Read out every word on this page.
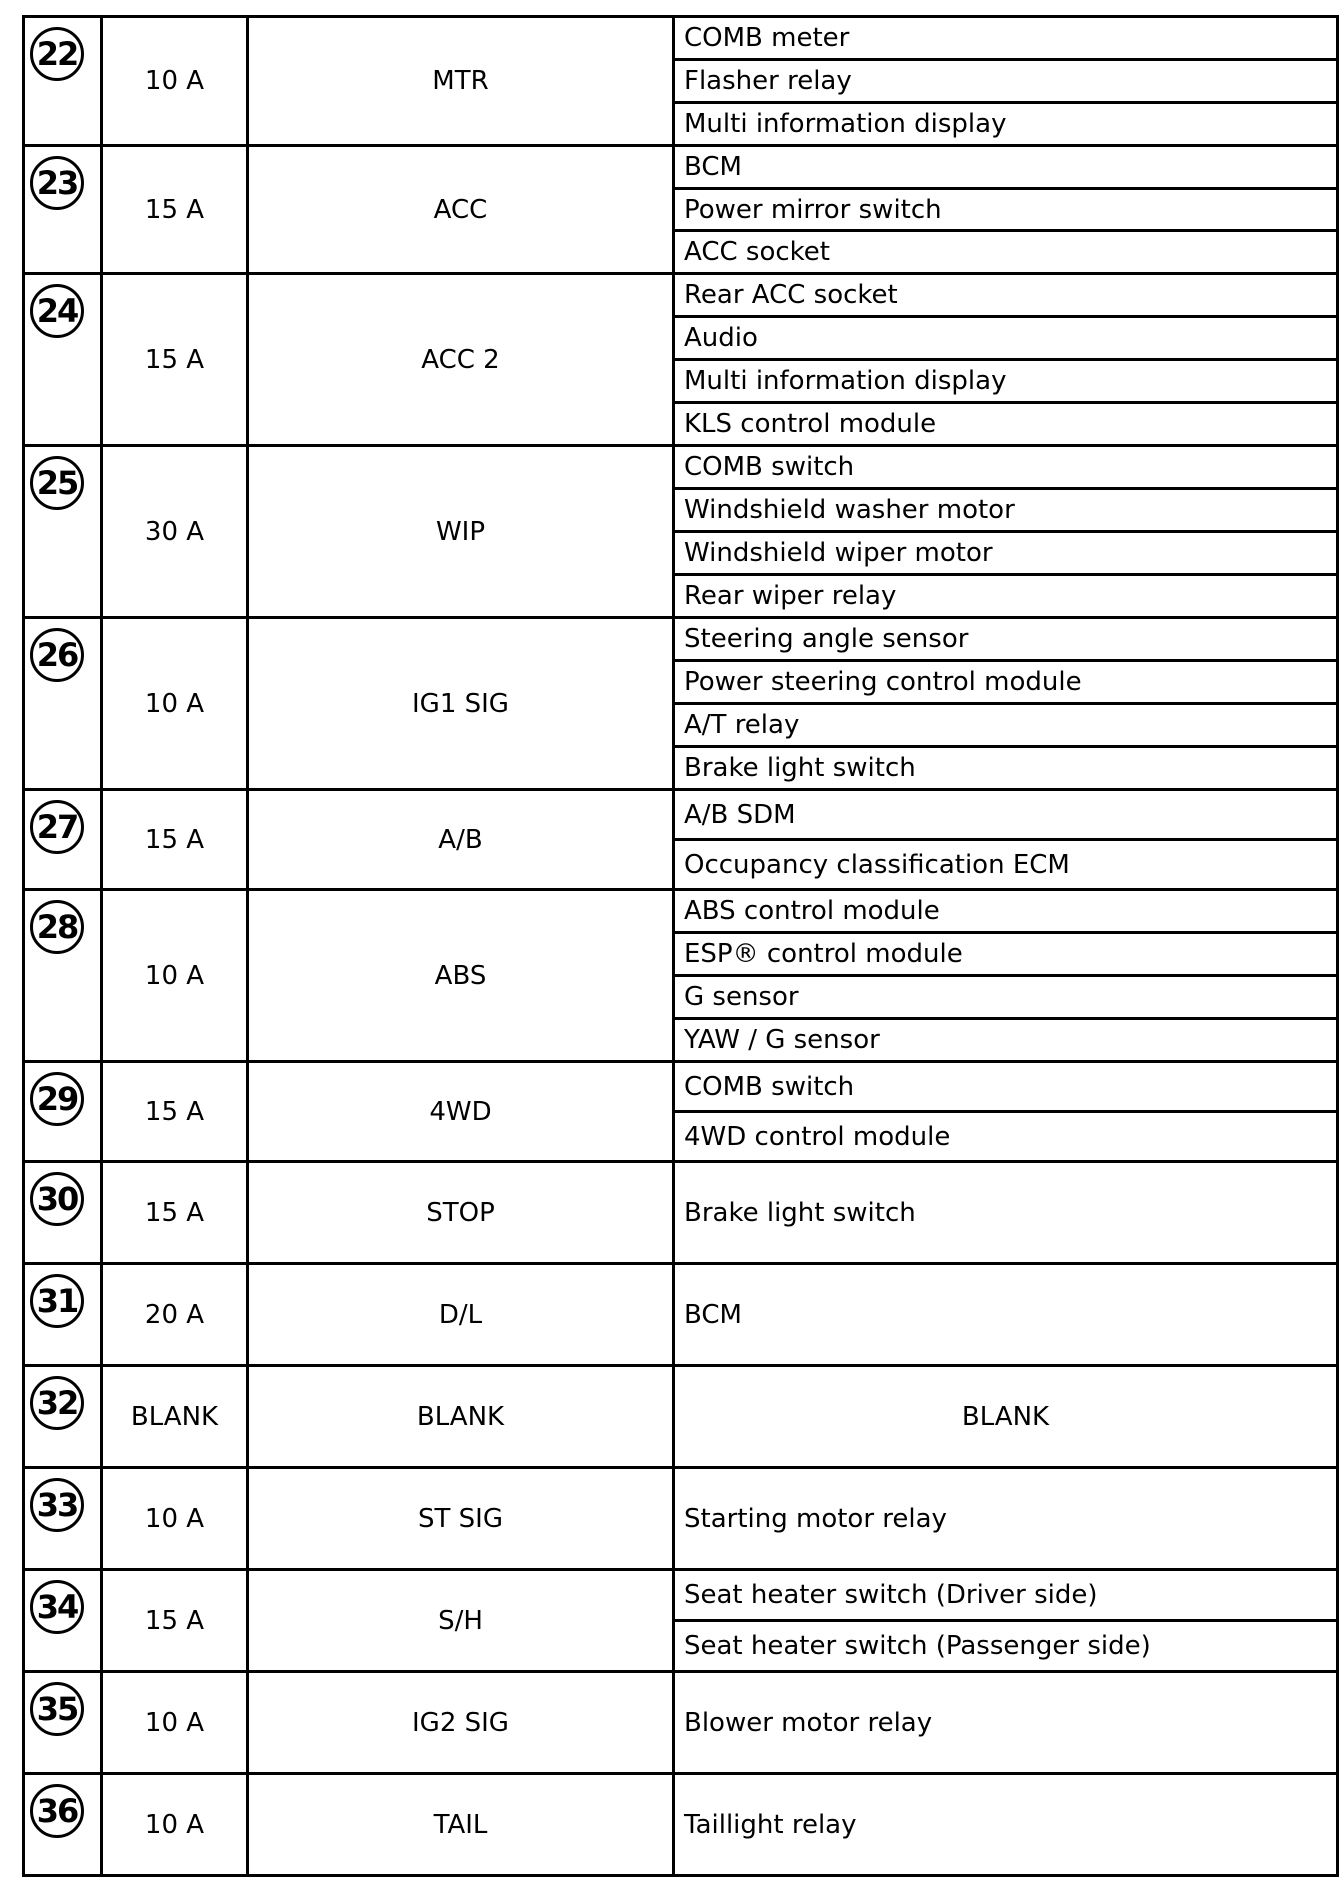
22
10 A	MTR
COMB meter
Flasher relay
Multi information display
23
15 A	ACC
BCM
Power mirror switch
ACC socket
24
15 A	ACC 2
Rear ACC socket
Audio
Multi information display
KLS control module
25
30 A	WIP
COMB switch
Windshield washer motor
Windshield wiper motor
Rear wiper relay
26
10 A	IG1 SIG
Steering angle sensor
Power steering control module
A/T relay
Brake light switch
27	15 A	A/B
A/B SDM
Occupancy classification ECM
28
10 A	ABS
ABS control module
ESP® control module
G sensor
YAW / G sensor
29	15 A	4WD
COMB switch
4WD control module
30	15 A	STOP	Brake light switch
31	20 A	D/L	BCM
32	BLANK	BLANK	BLANK
33	10 A	ST SIG	Starting motor relay
34	15 A	S/H
Seat heater switch (Driver side)
Seat heater switch (Passenger side)
35	10 A	IG2 SIG	Blower motor relay
36	10 A	TAIL	Taillight relay
